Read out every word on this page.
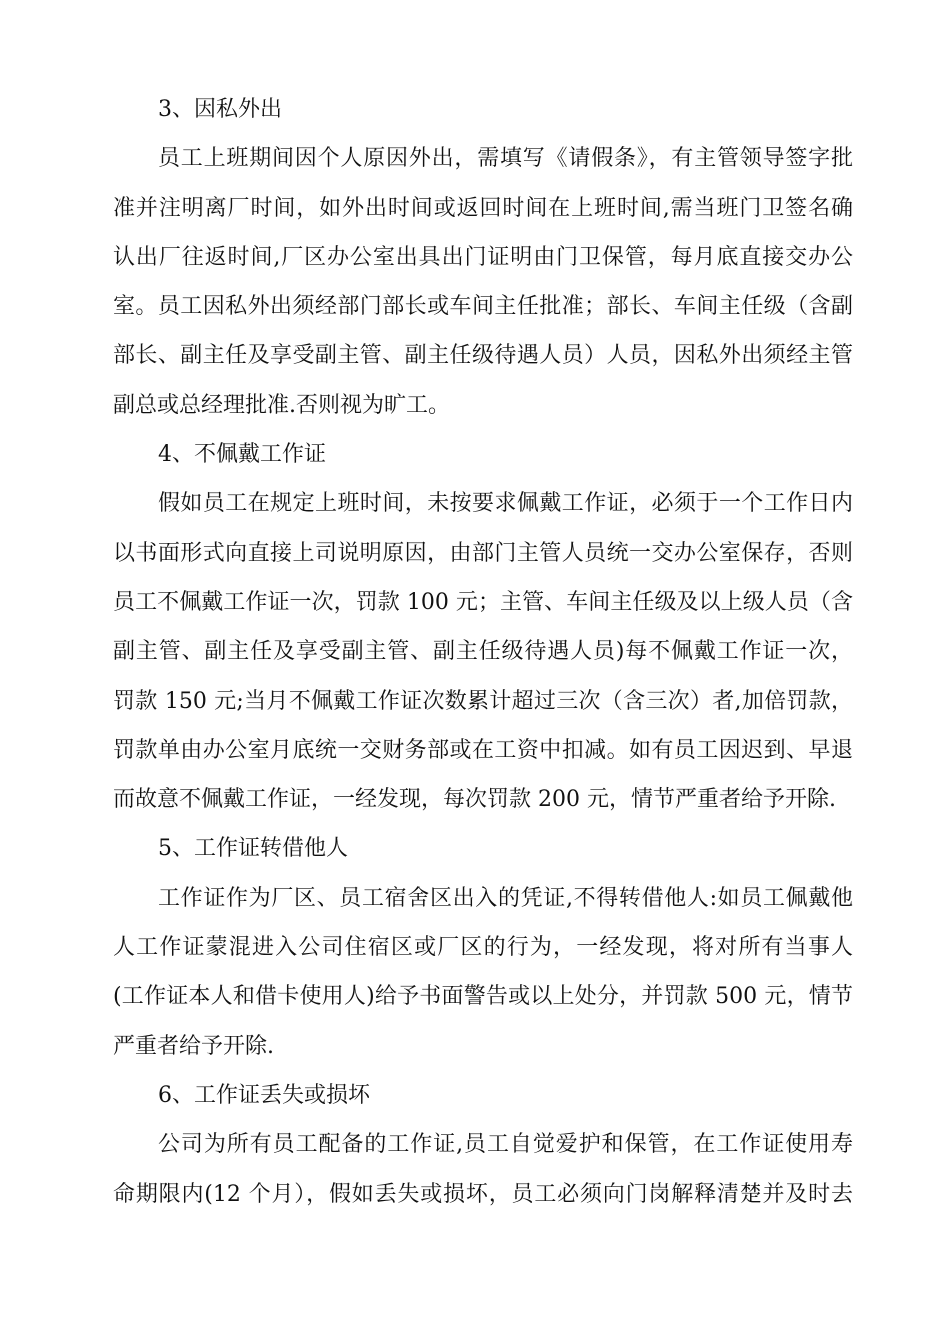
3、因私外出
员工上班期间因个人原因外出，需填写《请假条》，有主管领导签字批
准并注明离厂时间，如外出时间或返回时间在上班时间,需当班门卫签名确
认出厂往返时间,厂区办公室出具出门证明由门卫保管，每月底直接交办公
室。员工因私外出须经部门部长或车间主任批准；部长、车间主任级（含副
部长、副主任及享受副主管、副主任级待遇人员）人员，因私外出须经主管
副总或总经理批准.否则视为旷工。
4、不佩戴工作证
假如员工在规定上班时间，未按要求佩戴工作证，必须于一个工作日内
以书面形式向直接上司说明原因，由部门主管人员统一交办公室保存，否则
员工不佩戴工作证一次，罚款 100 元；主管、车间主任级及以上级人员（含
副主管、副主任及享受副主管、副主任级待遇人员)每不佩戴工作证一次，
罚款 150 元;当月不佩戴工作证次数累计超过三次（含三次）者,加倍罚款，
罚款单由办公室月底统一交财务部或在工资中扣减。如有员工因迟到、早退
而故意不佩戴工作证，一经发现，每次罚款 200 元，情节严重者给予开除.
5、工作证转借他人
工作证作为厂区、员工宿舍区出入的凭证,不得转借他人:如员工佩戴他
人工作证蒙混进入公司住宿区或厂区的行为，一经发现，将对所有当事人
(工作证本人和借卡使用人)给予书面警告或以上处分，并罚款 500 元，情节
严重者给予开除.
6、工作证丢失或损坏
公司为所有员工配备的工作证,员工自觉爱护和保管，在工作证使用寿
命期限内(12 个月），假如丢失或损坏，员工必须向门岗解释清楚并及时去
